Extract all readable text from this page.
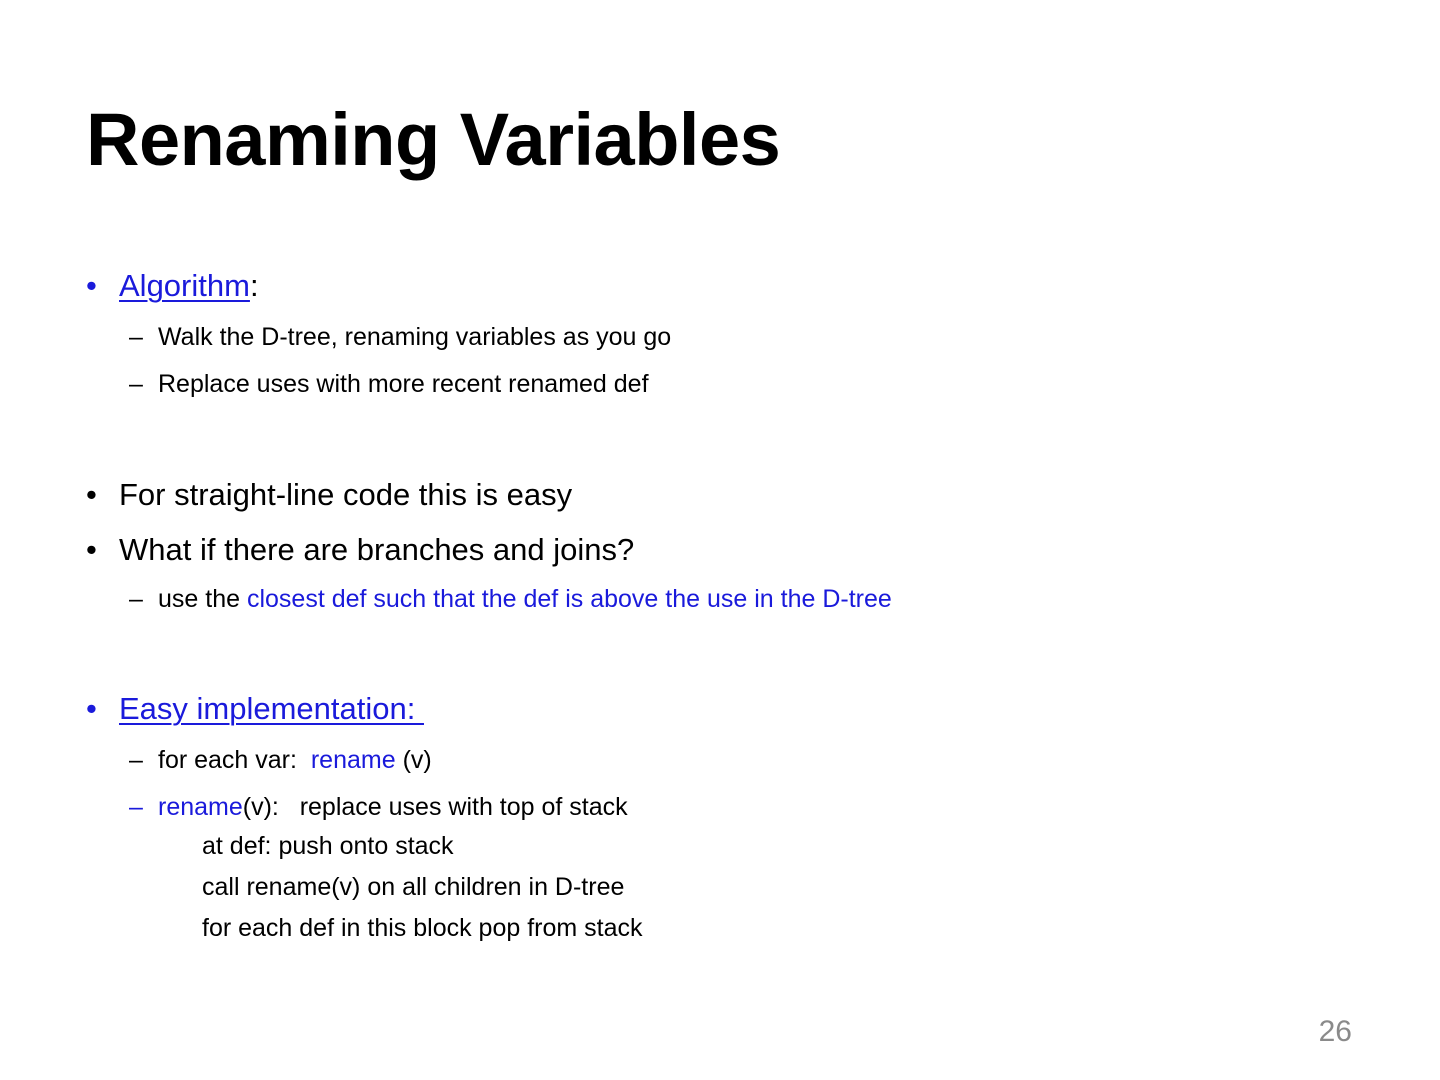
Renaming Variables
• Algorithm:
– Walk the D-tree, renaming variables as you go
– Replace uses with more recent renamed def
• For straight-line code this is easy
• What if there are branches and joins?
– use the closest def such that the def is above the use in the D-tree
• Easy implementation:
– for each var:  rename (v)
– rename(v):   replace uses with top of stack
at def: push onto stack
call rename(v) on all children in D-tree
for each def in this block pop from stack
26
